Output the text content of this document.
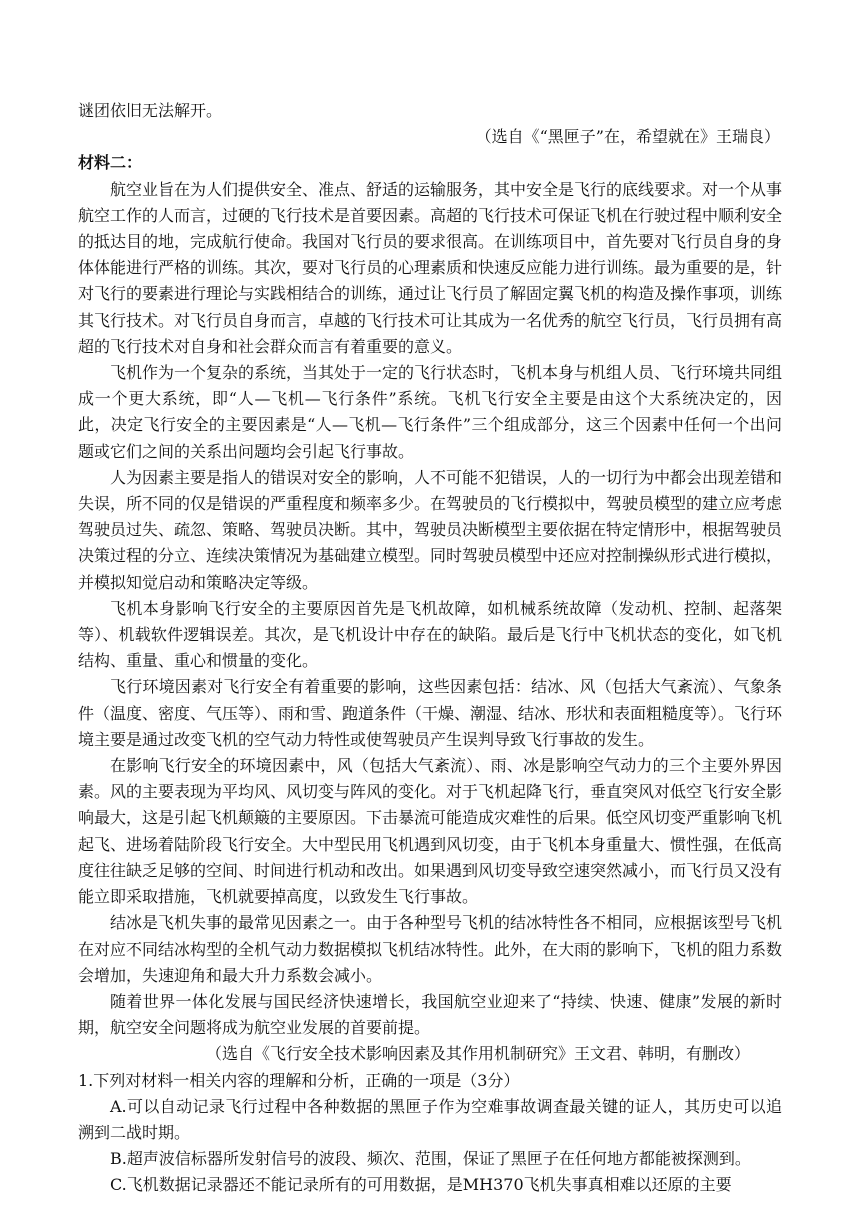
谜团依旧无法解开。

（选自《“黑匣子”在，希望就在》王瑞良）

材料二：

航空业旨在为人们提供安全、准点、舒适的运输服务，其中安全是飞行的底线要求。对一个从事航空工作的人而言，过硬的飞行技术是首要因素。高超的飞行技术可保证飞机在行驶过程中顺利安全的抵达目的地，完成航行使命。我国对飞行员的要求很高。在训练项目中，首先要对飞行员自身的身体体能进行严格的训练。其次，要对飞行员的心理素质和快速反应能力进行训练。最为重要的是，针对飞行的要素进行理论与实践相结合的训练，通过让飞行员了解固定翼飞机的构造及操作事项，训练其飞行技术。对飞行员自身而言，卓越的飞行技术可让其成为一名优秀的航空飞行员，飞行员拥有高超的飞行技术对自身和社会群众而言有着重要的意义。

飞机作为一个复杂的系统，当其处于一定的飞行状态时，飞机本身与机组人员、飞行环境共同组成一个更大系统，即“人—飞机—飞行条件”系统。飞机飞行安全主要是由这个大系统决定的，因此，决定飞行安全的主要因素是“人—飞机—飞行条件”三个组成部分，这三个因素中任何一个出问题或它们之间的关系出问题均会引起飞行事故。

人为因素主要是指人的错误对安全的影响，人不可能不犯错误，人的一切行为中都会出现差错和失误，所不同的仅是错误的严重程度和频率多少。在驾驶员的飞行模拟中，驾驶员模型的建立应考虑驾驶员过失、疏忽、策略、驾驶员决断。其中，驾驶员决断模型主要依据在特定情形中，根据驾驶员决策过程的分立、连续决策情况为基础建立模型。同时驾驶员模型中还应对控制操纵形式进行模拟，并模拟知觉启动和策略决定等级。

飞机本身影响飞行安全的主要原因首先是飞机故障，如机械系统故障（发动机、控制、起落架等）、机载软件逻辑误差。其次，是飞机设计中存在的缺陷。最后是飞行中飞机状态的变化，如飞机结构、重量、重心和惯量的变化。

飞行环境因素对飞行安全有着重要的影响，这些因素包括：结冰、风（包括大气紊流）、气象条件（温度、密度、气压等）、雨和雪、跑道条件（干燥、潮湿、结冰、形状和表面粗糙度等）。飞行环境主要是通过改变飞机的空气动力特性或使驾驶员产生误判导致飞行事故的发生。

在影响飞行安全的环境因素中，风（包括大气紊流）、雨、冰是影响空气动力的三个主要外界因素。风的主要表现为平均风、风切变与阵风的变化。对于飞机起降飞行，垂直突风对低空飞行安全影响最大，这是引起飞机颠簸的主要原因。下击暴流可能造成灾难性的后果。低空风切变严重影响飞机起飞、进场着陆阶段飞行安全。大中型民用飞机遇到风切变，由于飞机本身重量大、惯性强，在低高度往往缺乏足够的空间、时间进行机动和改出。如果遇到风切变导致空速突然减小，而飞行员又没有能立即采取措施，飞机就要掉高度，以致发生飞行事故。

结冰是飞机失事的最常见因素之一。由于各种型号飞机的结冰特性各不相同，应根据该型号飞机在对应不同结冰构型的全机气动力数据模拟飞机结冰特性。此外，在大雨的影响下，飞机的阻力系数会增加，失速迎角和最大升力系数会减小。

随着世界一体化发展与国民经济快速增长，我国航空业迎来了“持续、快速、健康”发展的新时期，航空安全问题将成为航空业发展的首要前提。

（选自《飞行安全技术影响因素及其作用机制研究》王文君、韩明，有删改）

1.下列对材料一相关内容的理解和分析，正确的一项是（3分）

A.可以自动记录飞行过程中各种数据的黑匣子作为空难事故调查最关键的证人，其历史可以追溯到二战时期。

B.超声波信标器所发射信号的波段、频次、范围，保证了黑匣子在任何地方都能被探测到。

C.飞机数据记录器还不能记录所有的可用数据，是MH370飞机失事真相难以还原的主要
